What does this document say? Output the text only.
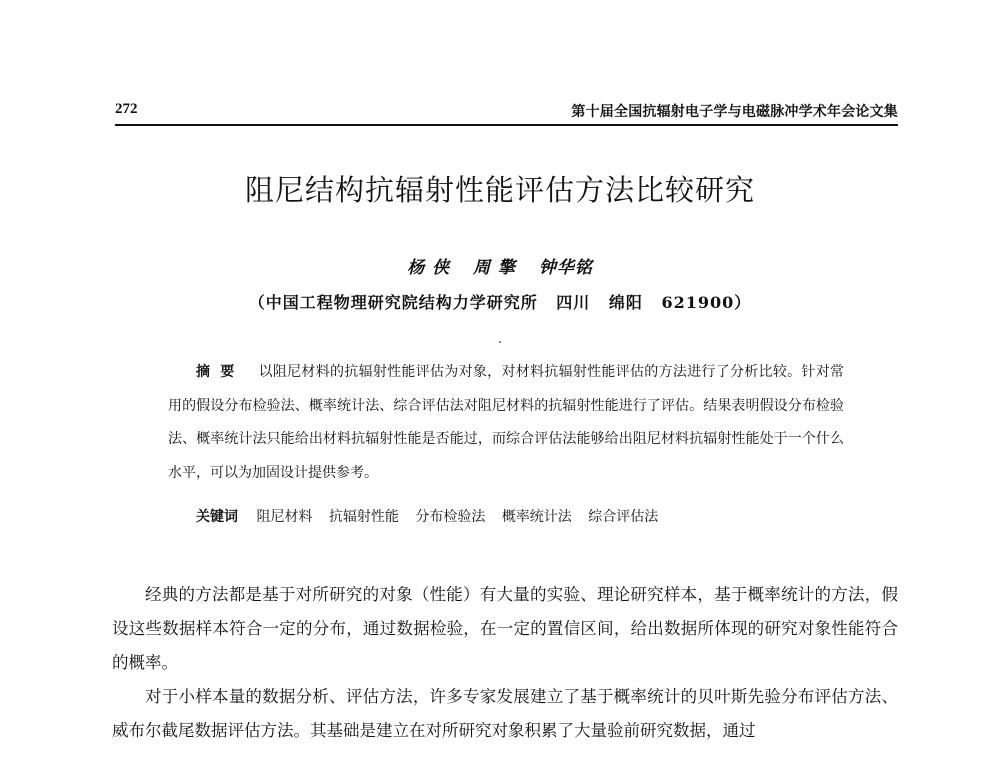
272	第十届全国抗辐射电子学与电磁脉冲学术年会论文集
阻尼结构抗辐射性能评估方法比较研究
杨 侠 周 擎 钟华铭
（中国工程物理研究院结构力学研究所 四川 绵阳 621900）
摘要 以阻尼材料的抗辐射性能评估为对象，对材料抗辐射性能评估的方法进行了分析比较。针对常用的假设分布检验法、概率统计法、综合评估法对阻尼材料的抗辐射性能进行了评估。结果表明假设分布检验法、概率统计法只能给出材料抗辐射性能是否能过，而综合评估法能够给出阻尼材料抗辐射性能处于一个什么水平，可以为加固设计提供参考。
关键词 阻尼材料 抗辐射性能 分布检验法 概率统计法 综合评估法

经典的方法都是基于对所研究的对象（性能）有大量的实验、理论研究样本，基于概率统计的方法，假设这些数据样本符合一定的分布，通过数据检验，在一定的置信区间，给出数据所体现的研究对象性能符合的概率。

对于小样本量的数据分析、评估方法，许多专家发展建立了基于概率统计的贝叶斯先验分布评估方法、威布尔截尾数据评估方法。其基础是建立在对所研究对象积累了大量验前研究数据，通过
